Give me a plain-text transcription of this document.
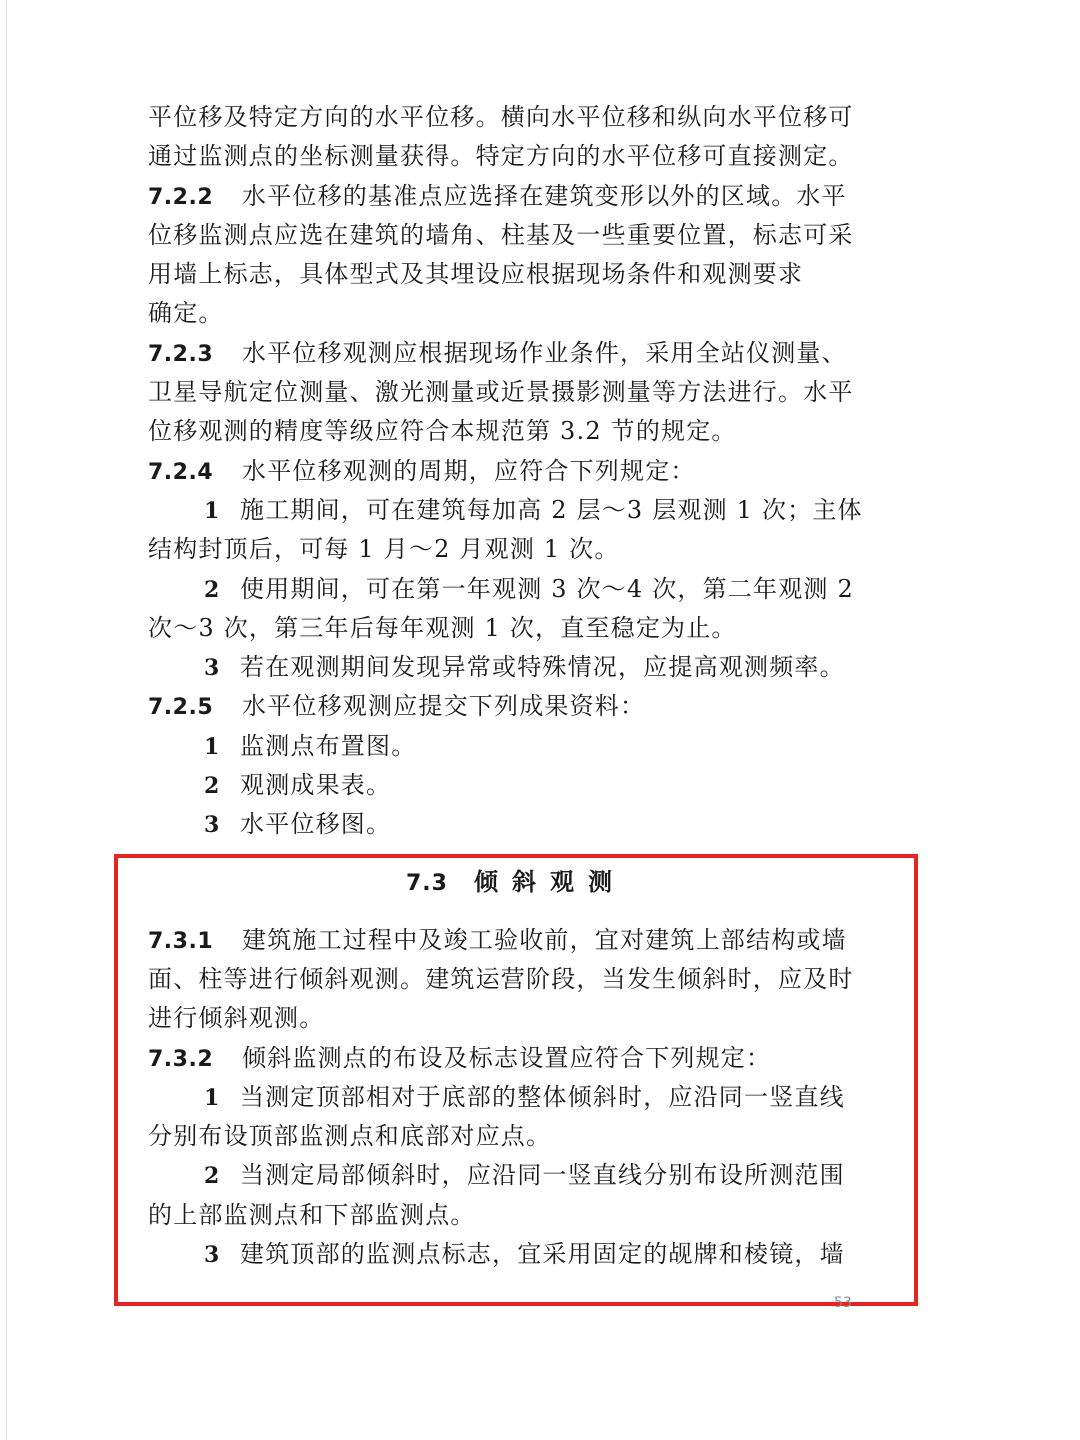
平位移及特定方向的水平位移。横向水平位移和纵向水平位移可
通过监测点的坐标测量获得。特定方向的水平位移可直接测定。
7.2.2 水平位移的基准点应选择在建筑变形以外的区域。水平
位移监测点应选在建筑的墙角、柱基及一些重要位置，标志可采
用墙上标志，具体型式及其埋设应根据现场条件和观测要求
确定。
7.2.3 水平位移观测应根据现场作业条件，采用全站仪测量、
卫星导航定位测量、激光测量或近景摄影测量等方法进行。水平
位移观测的精度等级应符合本规范第 3.2 节的规定。
7.2.4 水平位移观测的周期，应符合下列规定：
1 施工期间，可在建筑每加高 2 层～3 层观测 1 次；主体
结构封顶后，可每 1 月～2 月观测 1 次。
2 使用期间，可在第一年观测 3 次～4 次，第二年观测 2
次～3 次，第三年后每年观测 1 次，直至稳定为止。
3 若在观测期间发现异常或特殊情况，应提高观测频率。
7.2.5 水平位移观测应提交下列成果资料：
1 监测点布置图。
2 观测成果表。
3 水平位移图。
7.3 倾斜观测
7.3.1 建筑施工过程中及竣工验收前，宜对建筑上部结构或墙
面、柱等进行倾斜观测。建筑运营阶段，当发生倾斜时，应及时
进行倾斜观测。
7.3.2 倾斜监测点的布设及标志设置应符合下列规定：
1 当测定顶部相对于底部的整体倾斜时，应沿同一竖直线
分别布设顶部监测点和底部对应点。
2 当测定局部倾斜时，应沿同一竖直线分别布设所测范围
的上部监测点和下部监测点。
3 建筑顶部的监测点标志，宜采用固定的觇牌和棱镜，墙
53
